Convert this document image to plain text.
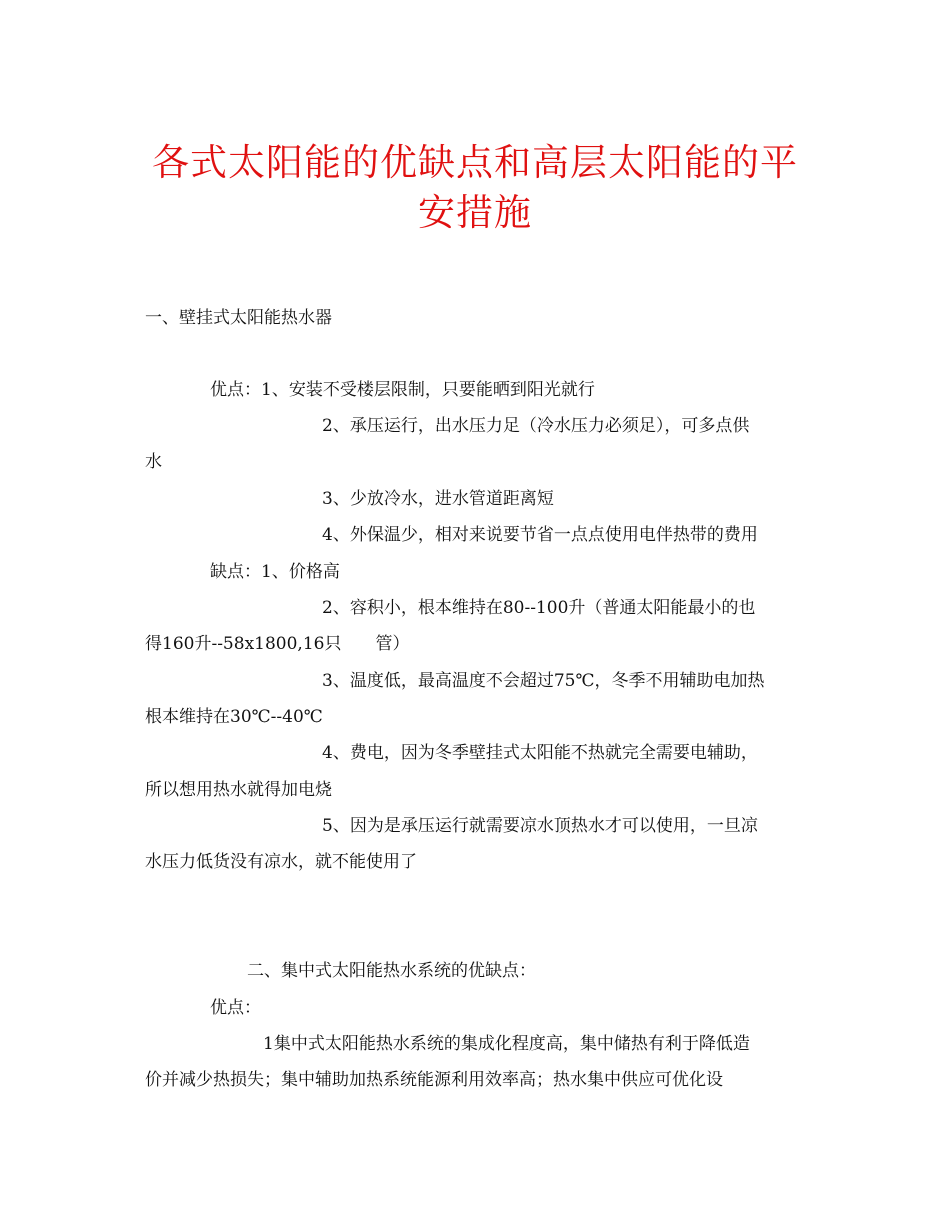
各式太阳能的优缺点和高层太阳能的平
安措施
一、壁挂式太阳能热水器
优点：1、安装不受楼层限制，只要能晒到阳光就行
2、承压运行，出水压力足（冷水压力必须足），可多点供
水
3、少放冷水，进水管道距离短
4、外保温少，相对来说要节省一点点使用电伴热带的费用
缺点：1、价格高
2、容积小，根本维持在80--100升（普通太阳能最小的也
得160升--58x1800,16只　　管）
3、温度低，最高温度不会超过75℃，冬季不用辅助电加热
根本维持在30℃--40℃
4、费电，因为冬季壁挂式太阳能不热就完全需要电辅助，
所以想用热水就得加电烧
5、因为是承压运行就需要凉水顶热水才可以使用，一旦凉
水压力低货没有凉水，就不能使用了
二、集中式太阳能热水系统的优缺点：
优点：
1集中式太阳能热水系统的集成化程度高，集中储热有利于降低造
价并减少热损失；集中辅助加热系统能源利用效率高；热水集中供应可优化设
